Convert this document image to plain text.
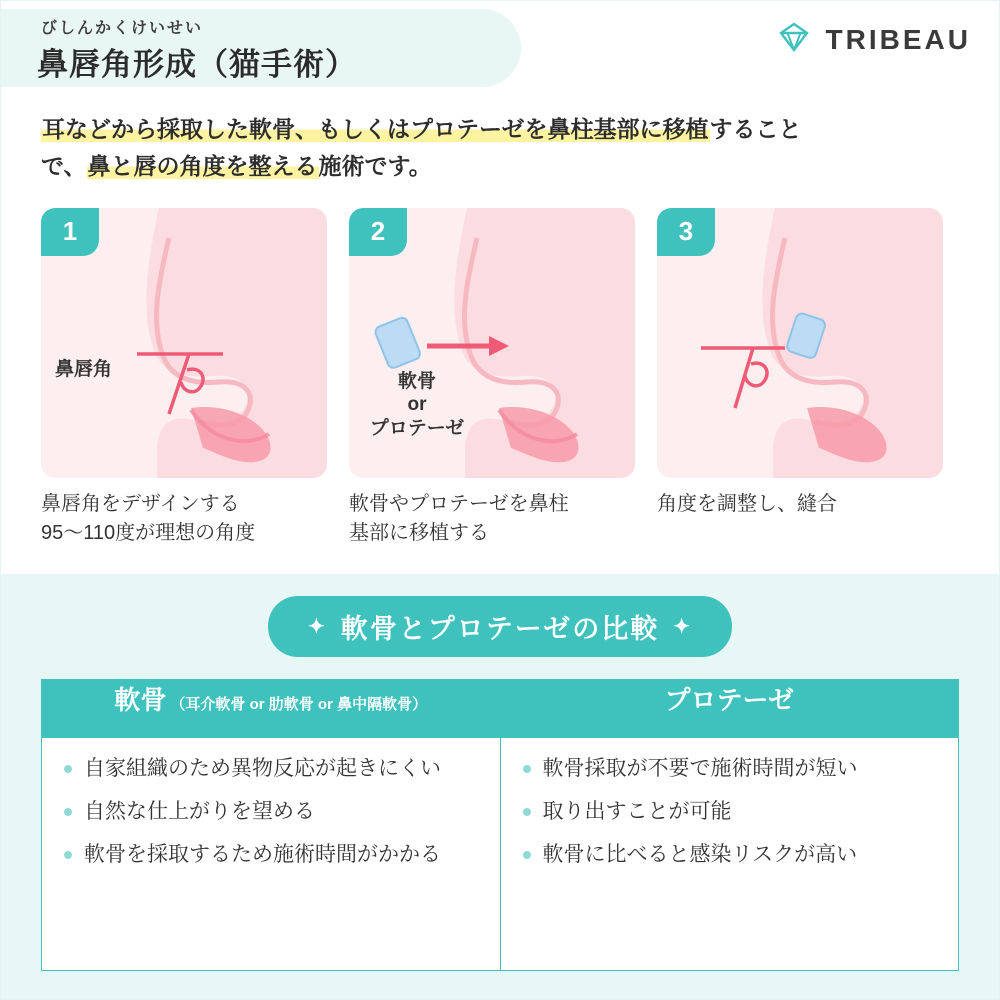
びしんかくけいせい
鼻唇角形成（猫手術）
TRIBEAU
耳などから採取した軟骨、もしくはプロテーゼを鼻柱基部に移植すること
で、鼻と唇の角度を整える施術です。
1
鼻唇角
鼻唇角をデザインする
95〜110度が理想の角度
2
軟骨
or
プロテーゼ
軟骨やプロテーゼを鼻柱
基部に移植する
3
角度を調整し、縫合
✦ 軟骨とプロテーゼの比較 ✦
軟骨 （耳介軟骨 or 肋軟骨 or 鼻中隔軟骨）
自家組織のため異物反応が起きにくい
自然な仕上がりを望める
軟骨を採取するため施術時間がかかる
プロテーゼ
軟骨採取が不要で施術時間が短い
取り出すことが可能
軟骨に比べると感染リスクが高い
